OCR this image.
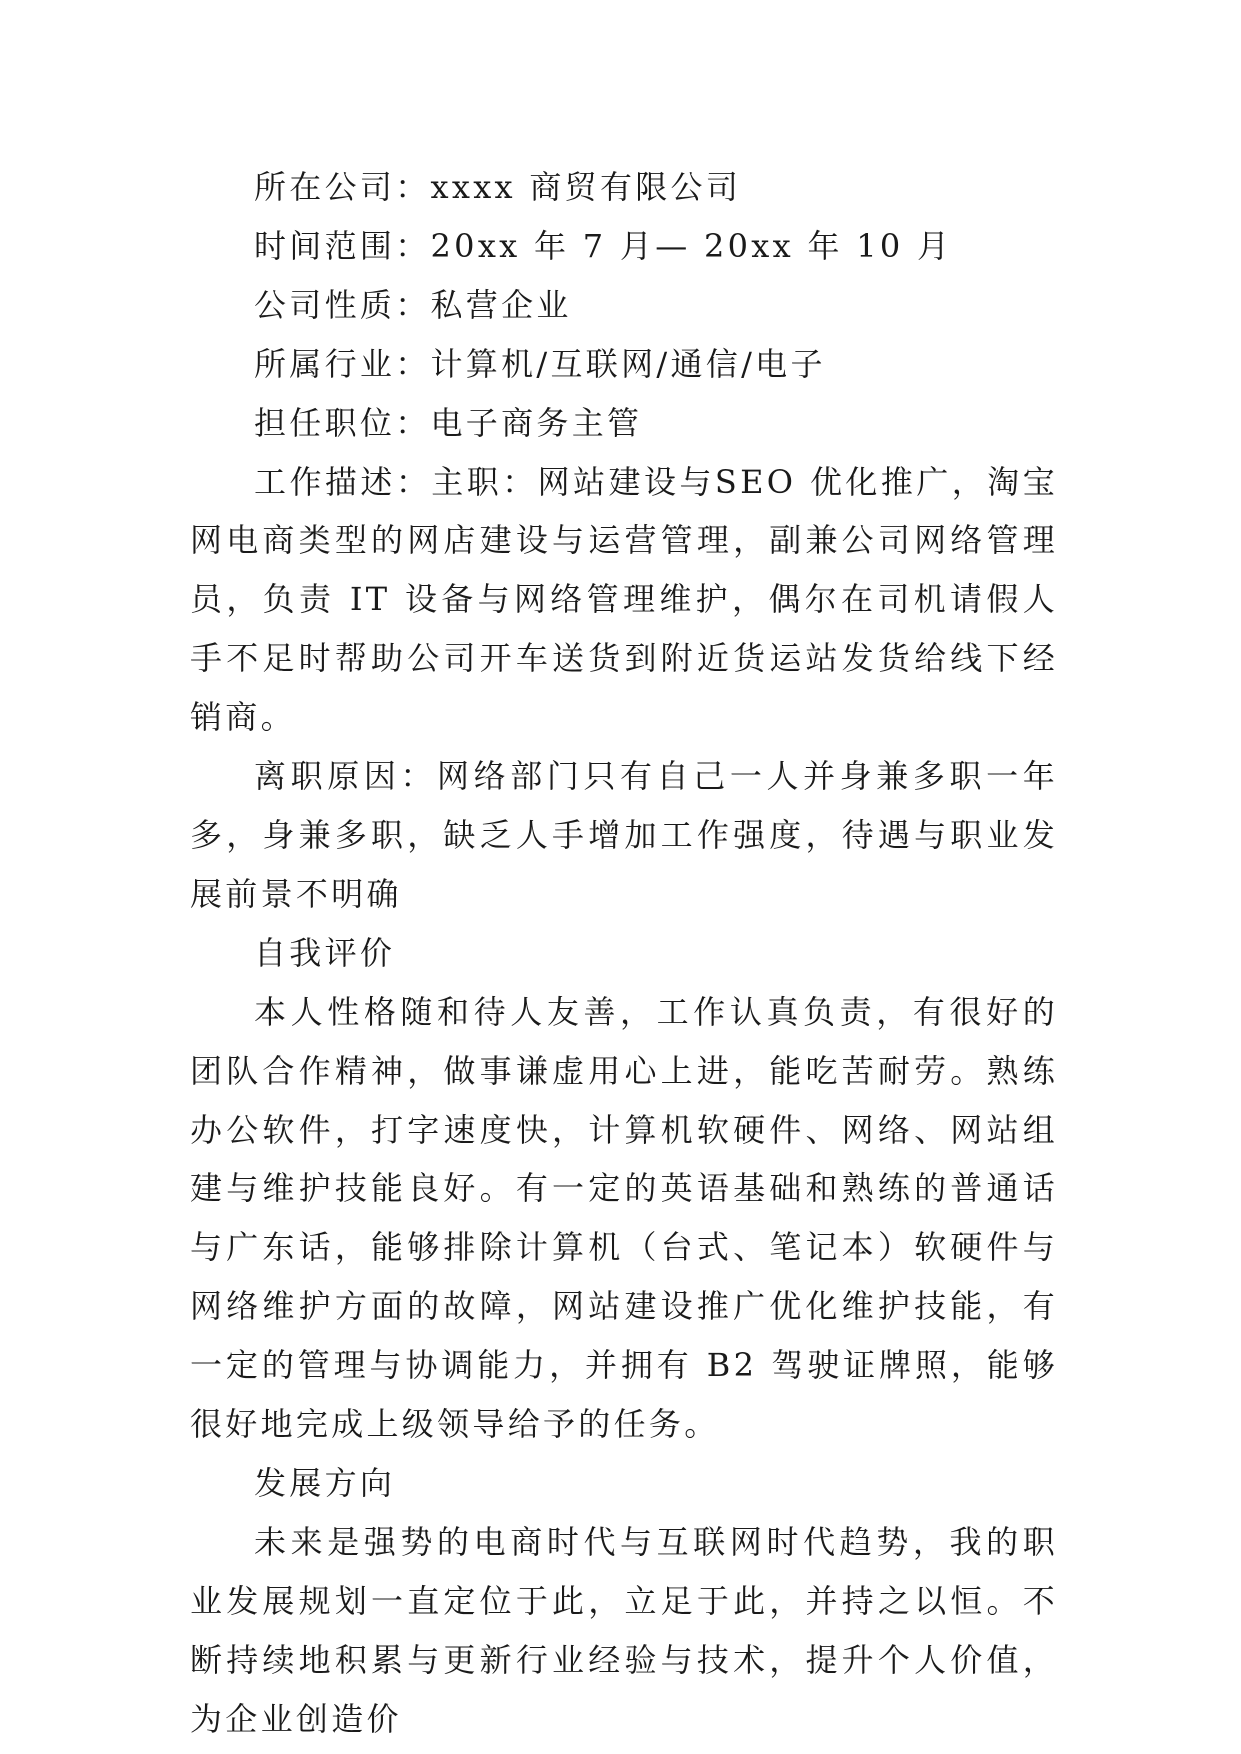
所在公司：xxxx 商贸有限公司

时间范围：20xx 年 7 月— 20xx 年 10 月

公司性质：私营企业

所属行业：计算机/互联网/通信/电子

担任职位：电子商务主管

工作描述：主职：网站建设与SEO 优化推广，淘宝网电商类型的网店建设与运营管理，副兼公司网络管理员，负责 IT 设备与网络管理维护，偶尔在司机请假人手不足时帮助公司开车送货到附近货运站发货给线下经销商。

离职原因：网络部门只有自己一人并身兼多职一年多，身兼多职，缺乏人手增加工作强度，待遇与职业发展前景不明确

自我评价

本人性格随和待人友善，工作认真负责，有很好的团队合作精神，做事谦虚用心上进，能吃苦耐劳。熟练办公软件，打字速度快，计算机软硬件、网络、网站组建与维护技能良好。有一定的英语基础和熟练的普通话与广东话，能够排除计算机（台式、笔记本）软硬件与网络维护方面的故障，网站建设推广优化维护技能，有一定的管理与协调能力，并拥有 B2 驾驶证牌照，能够很好地完成上级领导给予的任务。

发展方向

未来是强势的电商时代与互联网时代趋势，我的职业发展规划一直定位于此，立足于此，并持之以恒。不断持续地积累与更新行业经验与技术，提升个人价值，为企业创造价
